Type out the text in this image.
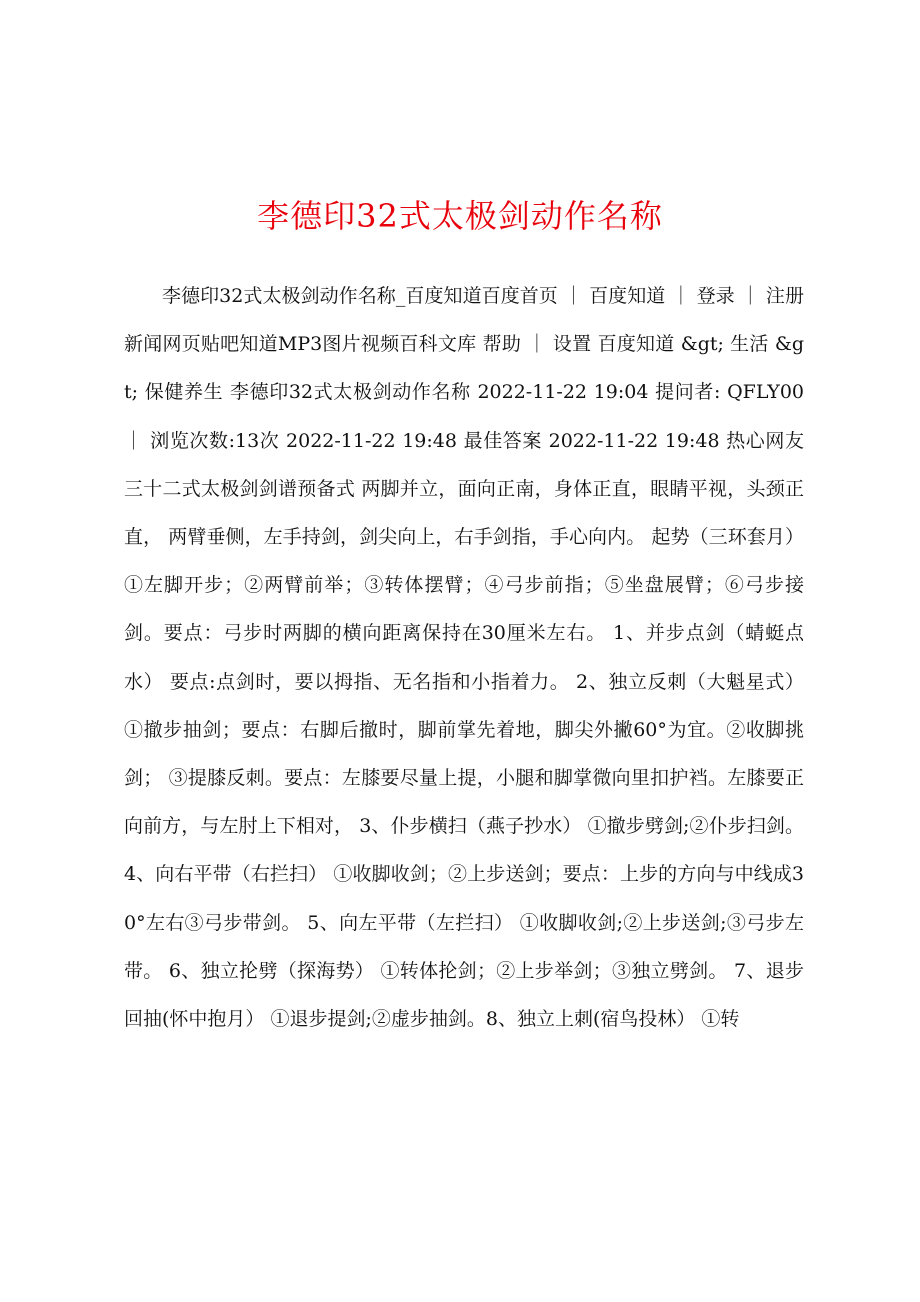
李德印32式太极剑动作名称

李德印32式太极剑动作名称_百度知道百度首页 ｜ 百度知道 ｜ 登录 ｜ 注册 新闻网页贴吧知道MP3图片视频百科文库 帮助 ｜ 设置 百度知道 &gt; 生活 &gt; 保健养生 李德印32式太极剑动作名称 2022-11-22 19:04 提问者: QFLY00 ｜ 浏览次数:13次 2022-11-22 19:48 最佳答案 2022-11-22 19:48 热心网友 三十二式太极剑剑谱预备式 两脚并立，面向正南，身体正直，眼睛平视，头颈正直， 两臂垂侧，左手持剑，剑尖向上，右手剑指，手心向内。 起势（三环套月） ①左脚开步；②两臂前举；③转体摆臂；④弓步前指；⑤坐盘展臂；⑥弓步接剑。要点：弓步时两脚的横向距离保持在30厘米左右。 1、并步点剑（蜻蜓点水） 要点:点剑时，要以拇指、无名指和小指着力。 2、独立反刺（大魁星式） ①撤步抽剑；要点：右脚后撤时，脚前掌先着地，脚尖外撇60°为宜。②收脚挑剑； ③提膝反刺。要点：左膝要尽量上提，小腿和脚掌微向里扣护裆。左膝要正向前方，与左肘上下相对， 3、仆步横扫（燕子抄水） ①撤步劈剑;②仆步扫剑。4、向右平带（右拦扫） ①收脚收剑；②上步送剑；要点：上步的方向与中线成30°左右③弓步带剑。 5、向左平带（左拦扫） ①收脚收剑;②上步送剑;③弓步左带。 6、独立抡劈（探海势） ①转体抡剑；②上步举剑；③独立劈剑。 7、退步回抽(怀中抱月） ①退步提剑;②虚步抽剑。8、独立上刺(宿鸟投林） ①转
